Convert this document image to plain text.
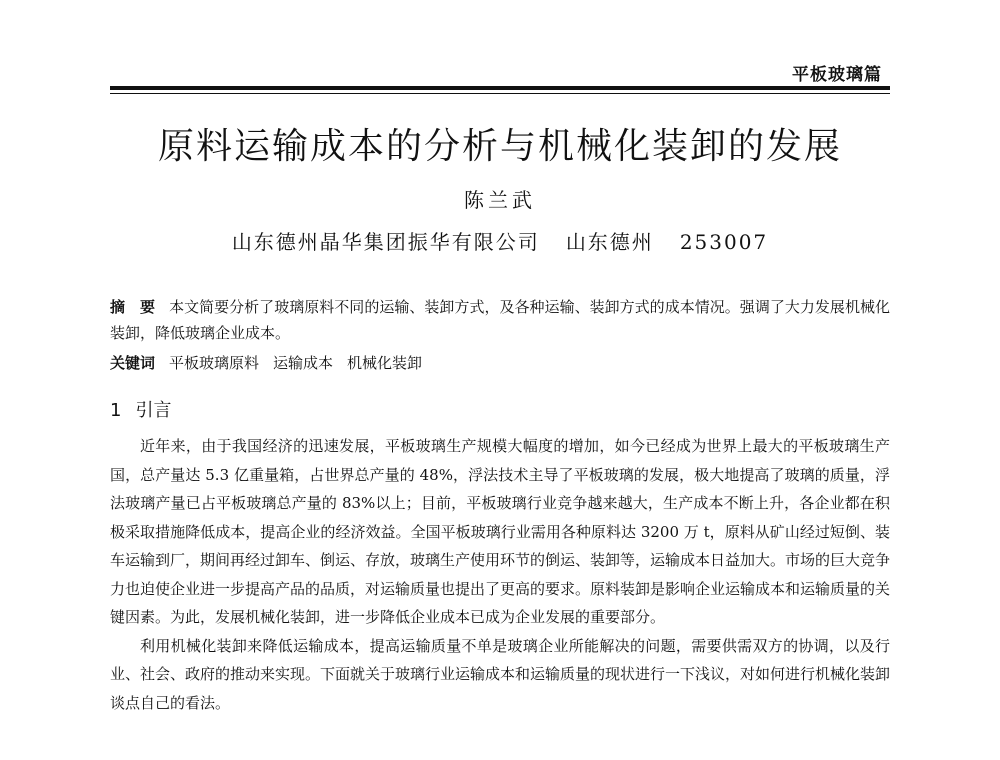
平板玻璃篇
原料运输成本的分析与机械化装卸的发展
陈兰武
山东德州晶华集团振华有限公司 山东德州 253007
摘　要 本文简要分析了玻璃原料不同的运输、装卸方式，及各种运输、装卸方式的成本情况。强调了大力发展机械化装卸，降低玻璃企业成本。
关键词 平板玻璃原料 运输成本 机械化装卸
1 引言

近年来，由于我国经济的迅速发展，平板玻璃生产规模大幅度的增加，如今已经成为世界上最大的平板玻璃生产国，总产量达 5.3 亿重量箱，占世界总产量的 48%，浮法技术主导了平板玻璃的发展，极大地提高了玻璃的质量，浮法玻璃产量已占平板玻璃总产量的 83%以上；目前，平板玻璃行业竞争越来越大，生产成本不断上升，各企业都在积极采取措施降低成本，提高企业的经济效益。全国平板玻璃行业需用各种原料达 3200 万 t，原料从矿山经过短倒、装车运输到厂，期间再经过卸车、倒运、存放，玻璃生产使用环节的倒运、装卸等，运输成本日益加大。市场的巨大竞争力也迫使企业进一步提高产品的品质，对运输质量也提出了更高的要求。原料装卸是影响企业运输成本和运输质量的关键因素。为此，发展机械化装卸，进一步降低企业成本已成为企业发展的重要部分。

利用机械化装卸来降低运输成本，提高运输质量不单是玻璃企业所能解决的问题，需要供需双方的协调，以及行业、社会、政府的推动来实现。下面就关于玻璃行业运输成本和运输质量的现状进行一下浅议，对如何进行机械化装卸谈点自己的看法。
